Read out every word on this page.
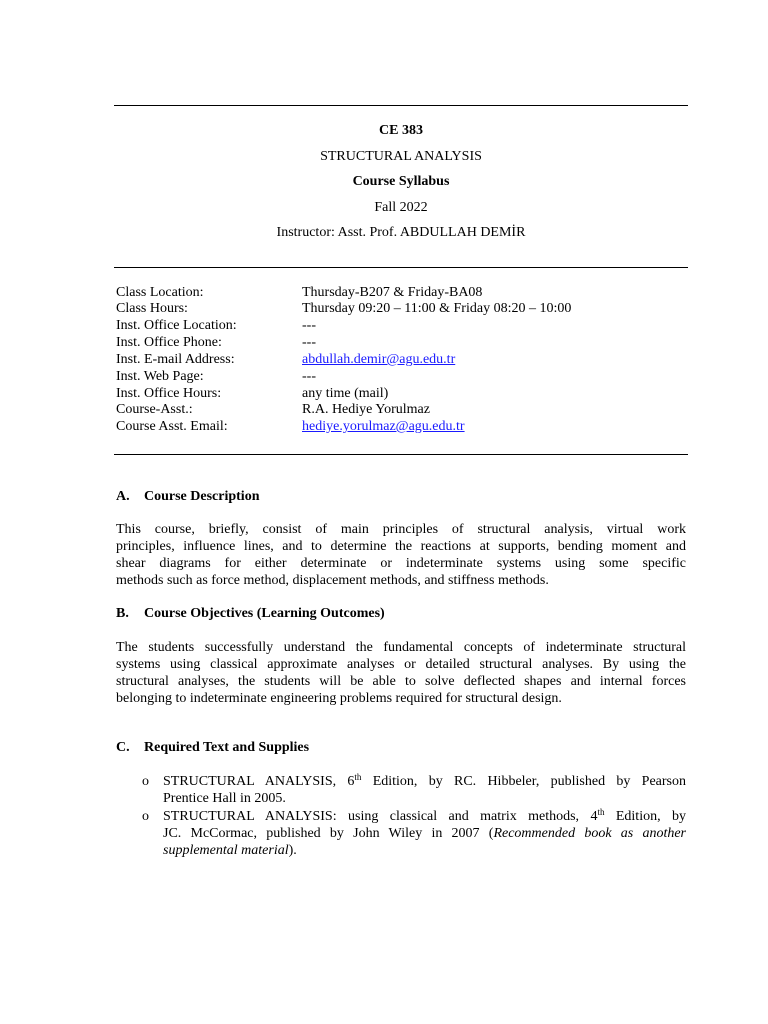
CE 383
STRUCTURAL ANALYSIS
Course Syllabus
Fall 2022
Instructor: Asst. Prof. ABDULLAH DEMİR
Class Location:	Thursday-B207 & Friday-BA08
Class Hours:	Thursday 09:20 – 11:00 & Friday 08:20 – 10:00
Inst. Office Location:	---
Inst. Office Phone:	---
Inst. E-mail Address:	abdullah.demir@agu.edu.tr
Inst. Web Page:	---
Inst. Office Hours:	any time (mail)
Course-Asst.:	R.A. Hediye Yorulmaz
Course Asst. Email:	hediye.yorulmaz@agu.edu.tr
A. Course Description
This course, briefly, consist of main principles of structural analysis, virtual work
principles, influence lines, and to determine the reactions at supports, bending moment and
shear diagrams for either determinate or indeterminate systems using some specific
methods such as force method, displacement methods, and stiffness methods.
B. Course Objectives (Learning Outcomes)
The students successfully understand the fundamental concepts of indeterminate structural
systems using classical approximate analyses or detailed structural analyses. By using the
structural analyses, the students will be able to solve deflected shapes and internal forces
belonging to indeterminate engineering problems required for structural design.
C. Required Text and Supplies
o STRUCTURAL ANALYSIS, 6th Edition, by RC. Hibbeler, published by Pearson
Prentice Hall in 2005.
o STRUCTURAL ANALYSIS: using classical and matrix methods, 4th Edition, by
JC. McCormac, published by John Wiley in 2007 (Recommended book as another
supplemental material).
